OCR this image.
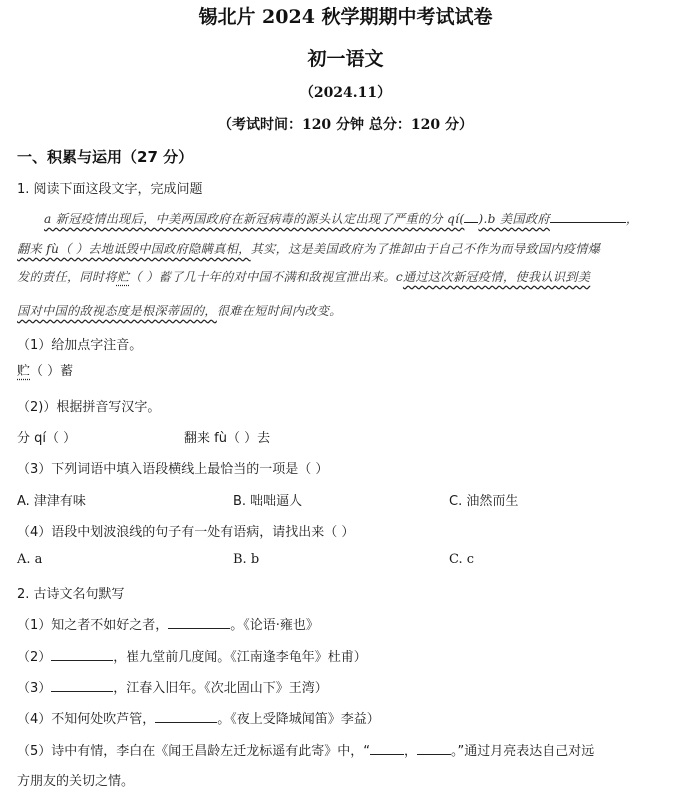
锡北片 2024 秋学期期中考试试卷
初一语文
（2024.11）
（考试时间：120 分钟 总分：120 分）
一、积累与运用（27 分）
1. 阅读下面这段文字，完成问题
a 新冠疫情出现后，中美两国政府在新冠病毒的源头认定出现了严重的分 qí( ).b 美国政府	，
翻来 fù（ ）去地诋毁中国政府隐瞒真相，其实，这是美国政府为了推卸由于自己不作为而导致国内疫情爆
发的责任，同时将贮（ ）蓄了几十年的对中国不满和敌视宣泄出来。c通过这次新冠疫情，使我认识到美
国对中国的敌视态度是根深蒂固的，很难在短时间内改变。
（1）给加点字注音。
贮（ ）蓄
（2)）根据拼音写汉字。
分 qí（ ）	翻来 fù（ ）去
（3）下列词语中填入语段横线上最恰当的一项是（ ）
A. 津津有味	B. 咄咄逼人	C. 油然而生
（4）语段中划波浪线的句子有一处有语病，请找出来（ ）
A. a	B. b	C. c
2. 古诗文名句默写
（1）知之者不如好之者，	。《论语·雍也》
（2）	，崔九堂前几度闻。《江南逢李龟年》杜甫）
（3）	，江春入旧年。《次北固山下》王湾）
（4）不知何处吹芦管，	。《夜上受降城闻笛》李益）
（5）诗中有情，李白在《闻王昌龄左迁龙标遥有此寄》中，“	，	。”通过月亮表达自己对远
方朋友的关切之情。
